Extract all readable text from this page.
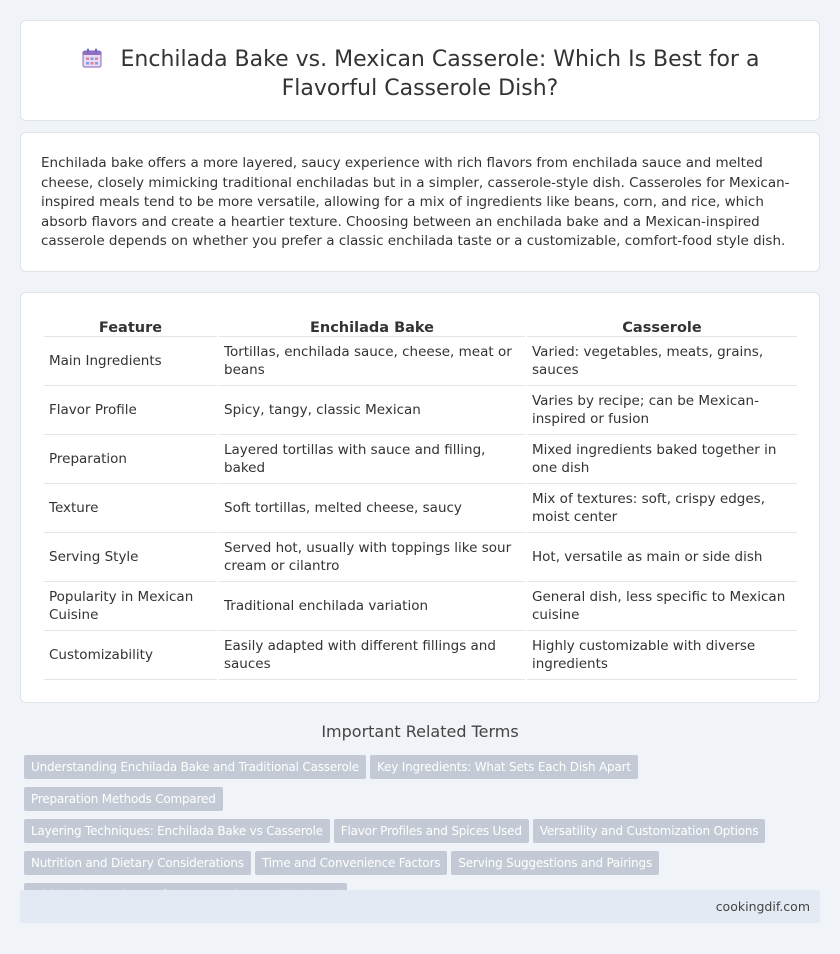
Enchilada Bake vs. Mexican Casserole: Which Is Best for a Flavorful Casserole Dish?

Enchilada bake offers a more layered, saucy experience with rich flavors from enchilada sauce and melted cheese, closely mimicking traditional enchiladas but in a simpler, casserole-style dish. Casseroles for Mexican-inspired meals tend to be more versatile, allowing for a mix of ingredients like beans, corn, and rice, which absorb flavors and create a heartier texture. Choosing between an enchilada bake and a Mexican-inspired casserole depends on whether you prefer a classic enchilada taste or a customizable, comfort-food style dish.

Feature	Enchilada Bake	Casserole
Main Ingredients	Tortillas, enchilada sauce, cheese, meat or beans	Varied: vegetables, meats, grains, sauces
Flavor Profile	Spicy, tangy, classic Mexican	Varies by recipe; can be Mexican-inspired or fusion
Preparation	Layered tortillas with sauce and filling, baked	Mixed ingredients baked together in one dish
Texture	Soft tortillas, melted cheese, saucy	Mix of textures: soft, crispy edges, moist center
Serving Style	Served hot, usually with toppings like sour cream or cilantro	Hot, versatile as main or side dish
Popularity in Mexican Cuisine	Traditional enchilada variation	General dish, less specific to Mexican cuisine
Customizability	Easily adapted with different fillings and sauces	Highly customizable with diverse ingredients
Important Related Terms
Understanding Enchilada Bake and Traditional Casserole Key Ingredients: What Sets Each Dish ApartPreparation Methods Compared
Layering Techniques: Enchilada Bake vs Casserole Flavor Profiles and Spices Used Versatility and Customization Options
Nutrition and Dietary Considerations Time and Convenience Factors Serving Suggestions and Pairings

cookingdif.com
